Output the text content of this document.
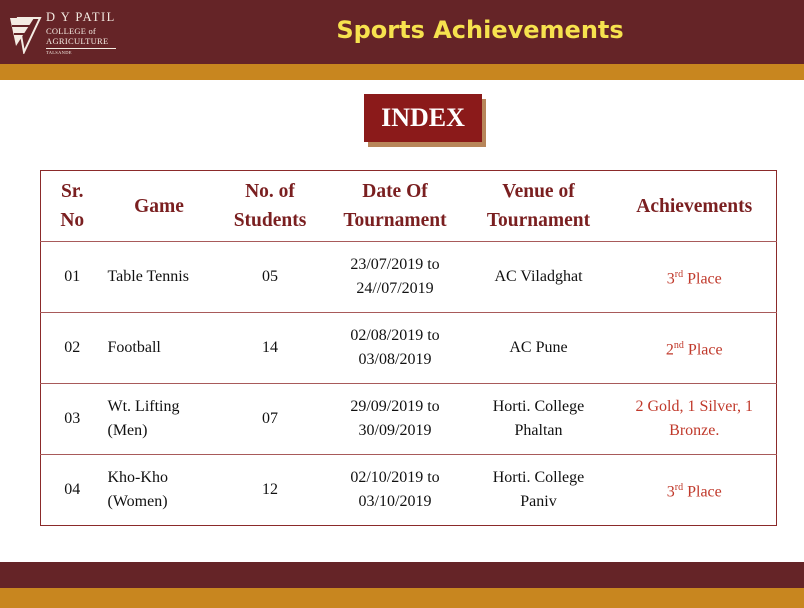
D Y PATIL
COLLEGE of
AGRICULTURE
TALSANDE
Sports Achievements
INDEX
Sr. No	Game	No. of Students	Date Of Tournament	Venue of Tournament	Achievements
01	Table Tennis	05	23/07/2019 to 24//07/2019	AC Viladghat	3rd Place
02	Football	14	02/08/2019 to 03/08/2019	AC Pune	2nd Place
03	Wt. Lifting (Men)	07	29/09/2019 to 30/09/2019	Horti. College Phaltan	2 Gold, 1 Silver, 1 Bronze.
04	Kho-Kho (Women)	12	02/10/2019 to 03/10/2019	Horti. College Paniv	3rd Place
